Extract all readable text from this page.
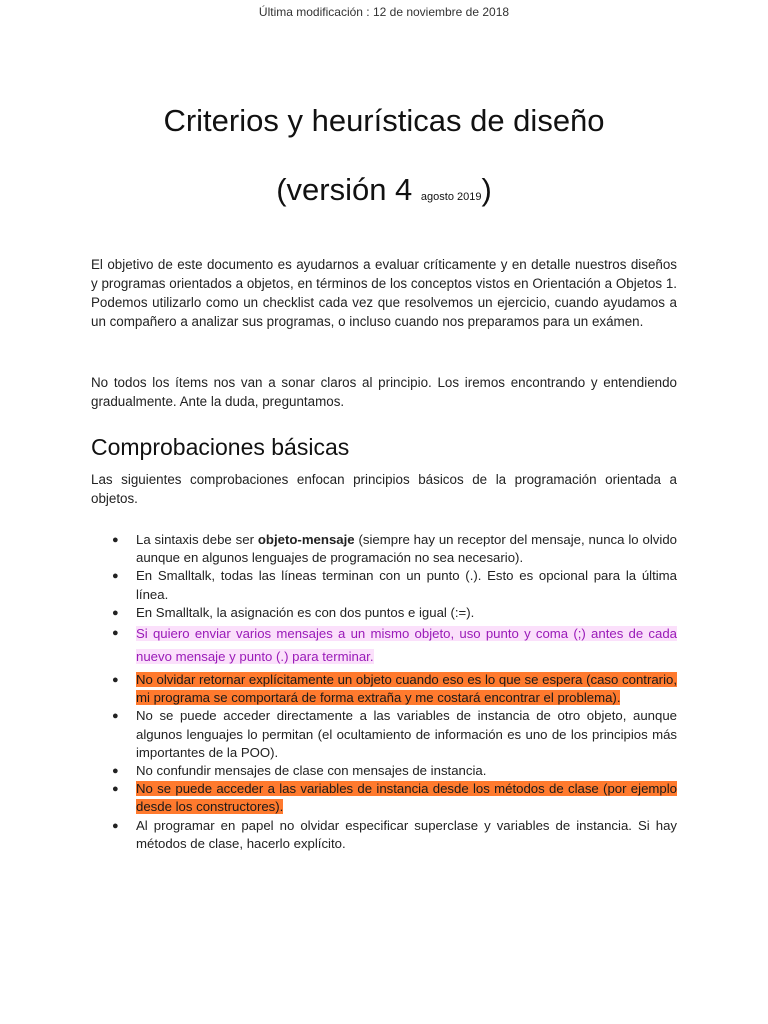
Última modificación : 12 de noviembre de 2018
Criterios y heurísticas de diseño
(versión 4 agosto 2019)

El objetivo de este documento es ayudarnos a evaluar críticamente y en detalle nuestros diseños y programas orientados a objetos, en términos de los conceptos vistos en Orientación a Objetos 1. Podemos utilizarlo como un checklist cada vez que resolvemos un ejercicio, cuando ayudamos a un compañero a analizar sus programas, o incluso cuando nos preparamos para un exámen.

No todos los ítems nos van a sonar claros al principio. Los iremos encontrando y entendiendo gradualmente. Ante la duda, preguntamos.

Comprobaciones básicas

Las siguientes comprobaciones enfocan principios básicos de la programación orientada a objetos.

● La sintaxis debe ser objeto-mensaje (siempre hay un receptor del mensaje, nunca lo olvido aunque en algunos lenguajes de programación no sea necesario).
● En Smalltalk, todas las líneas terminan con un punto (.). Esto es opcional para la última línea.
● En Smalltalk, la asignación es con dos puntos e igual (:=).
● Si quiero enviar varios mensajes a un mismo objeto, uso punto y coma (;) antes de cada nuevo mensaje y punto (.) para terminar.
● No olvidar retornar explícitamente un objeto cuando eso es lo que se espera (caso contrario, mi programa se comportará de forma extraña y me costará encontrar el problema).
● No se puede acceder directamente a las variables de instancia de otro objeto, aunque algunos lenguajes lo permitan (el ocultamiento de información es uno de los principios más importantes de la POO).
● No confundir mensajes de clase con mensajes de instancia.
● No se puede acceder a las variables de instancia desde los métodos de clase (por ejemplo desde los constructores).
● Al programar en papel no olvidar especificar superclase y variables de instancia. Si hay métodos de clase, hacerlo explícito.
